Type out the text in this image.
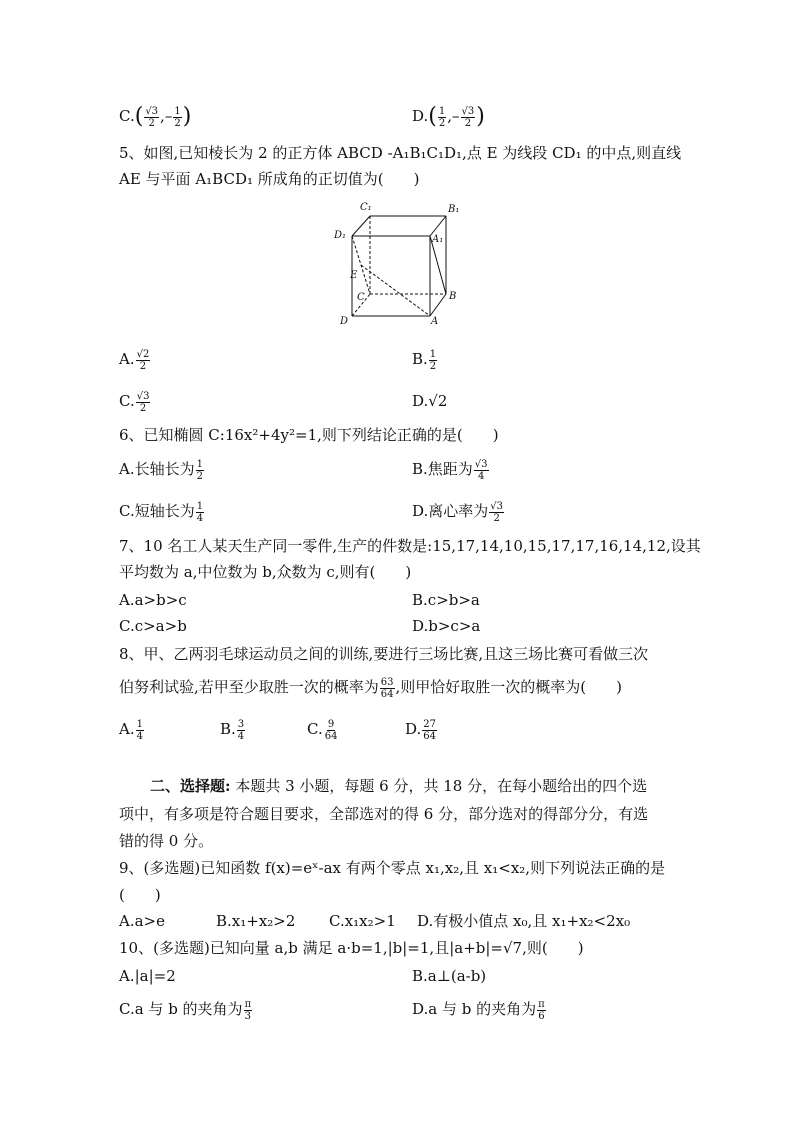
$C.( \frac{√3}{2}$ ,– $\frac{1}{2}$ )	$D.( \frac{1}{2}$ ,– $\frac{√3}{2}$ )
5、如图,已知棱长为 2 的正方体 ABCD -A₁B₁C₁D₁,点 E 为线段 CD₁ 的中点,则直线
AE 与平面 A₁BCD₁ 所成角的正切值为(　　)
C₁	B₁
D₁	A₁
E
C	B
D	A
A. $\frac{√2}{2}$	B. $\frac{1}{2}$
C. $\frac{√3}{2}$	D.√2
6、已知椭圆 C:16x²+4y²=1,则下列结论正确的是(　　)
A.长轴长为 $\frac{1}{2}$	B.焦距为 $\frac{√3}{4}$
C.短轴长为 $\frac{1}{4}$	D.离心率为 $\frac{√3}{2}$
7、10 名工人某天生产同一零件,生产的件数是:15,17,14,10,15,17,17,16,14,12,设其
平均数为 a,中位数为 b,众数为 c,则有(　　)
A.a>b>c	B.c>b>a
C.c>a>b	D.b>c>a
8、甲、乙两羽毛球运动员之间的训练,要进行三场比赛,且这三场比赛可看做三次
伯努利试验,若甲至少取胜一次的概率为 $\frac{63}{64}$ ,则甲恰好取胜一次的概率为(　　)
A. $\frac{1}{4}$	B. $\frac{3}{4}$	C. $\frac{9}{64}$	D. $\frac{27}{64}$
二、选择题: 本题共 3 小题，每题 6 分，共 18 分，在每小题给出的四个选
项中，有多项是符合题目要求，全部选对的得 6 分，部分选对的得部分分，有选
错的得 0 分。
9、(多选题)已知函数 f(x)=eˣ-ax 有两个零点 x₁,x₂,且 x₁<x₂,则下列说法正确的是
(　　)
A.a>e	B.x₁+x₂>2 C.x₁x₂>1 D.有极小值点 x₀,且 x₁+x₂<2x₀
10、(多选题)已知向量 a,b 满足 a·b=1,|b|=1,且|a+b|=√7,则(　　)
A.|a|=2	B.a⊥(a-b)
C.a 与 b 的夹角为 $\frac{\pi}{3}$	D.a 与 b 的夹角为 $\frac{\pi}{6}$
